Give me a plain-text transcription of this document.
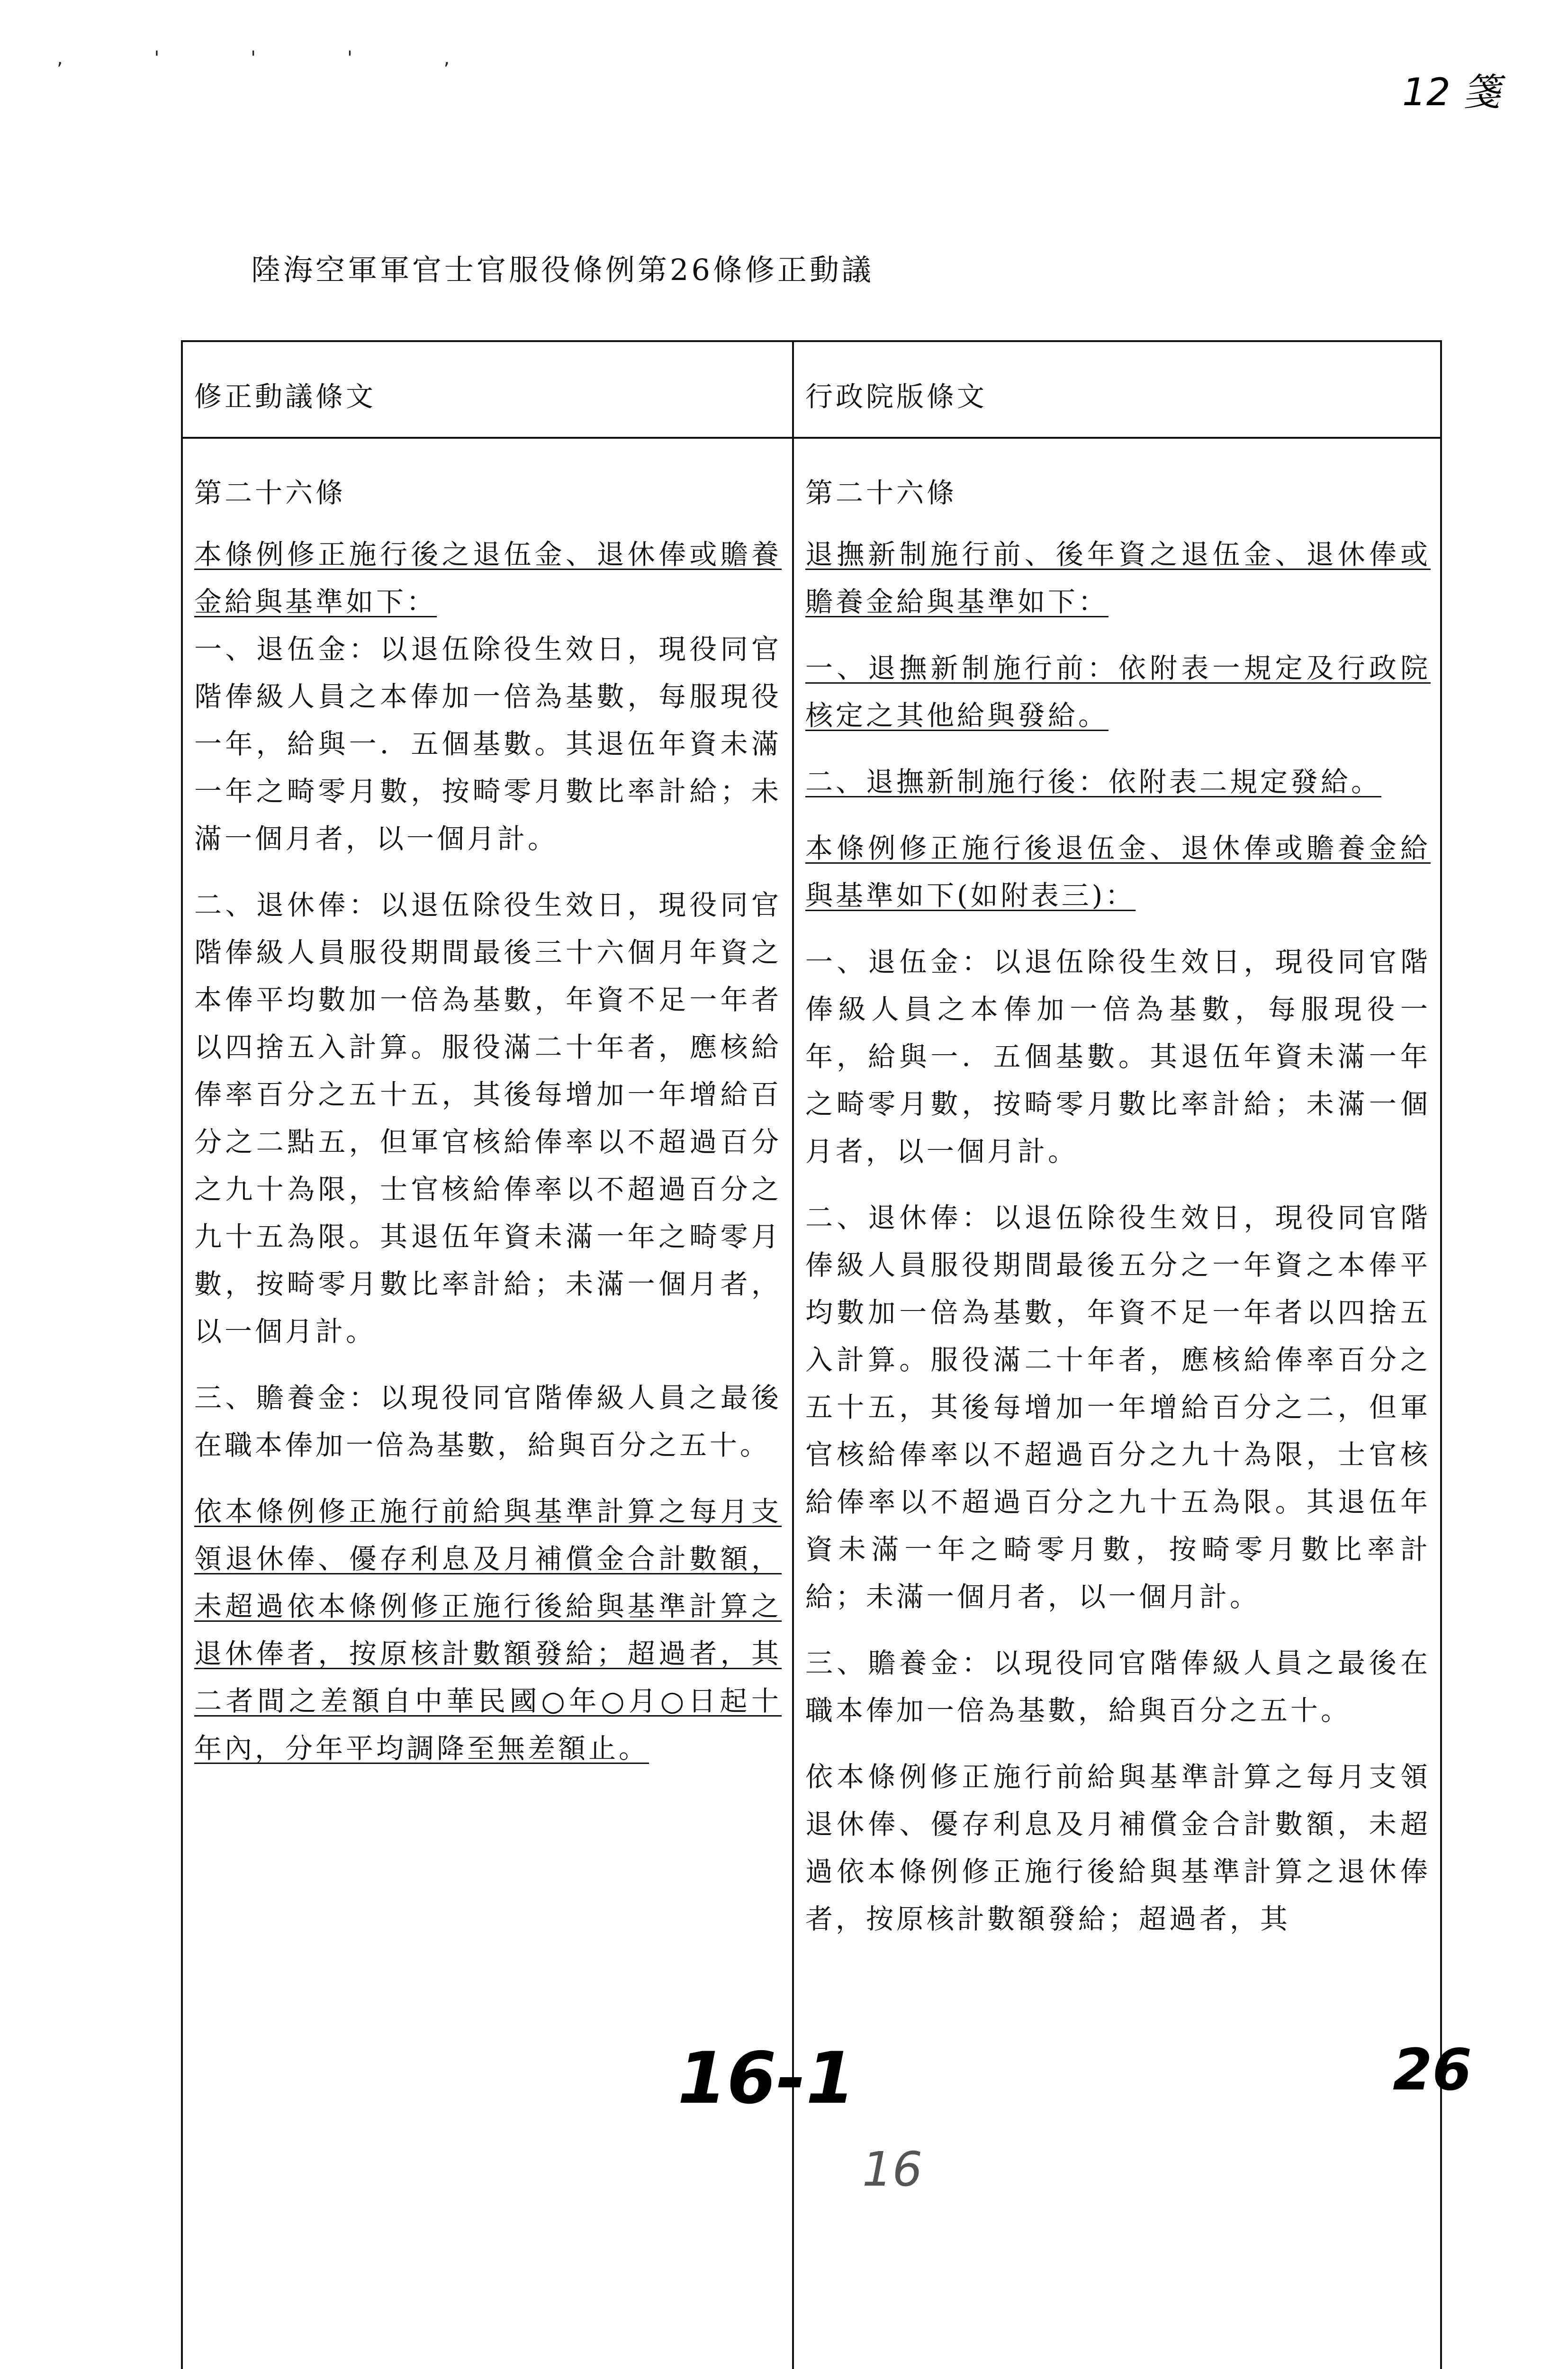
, ' ' ' ,
12 箋
陸海空軍軍官士官服役條例第26條修正動議
修正動議條文	行政院版條文

第二十六條

本條例修正施行後之退伍金、退休俸或贍養金給與基準如下：

一、退伍金：以退伍除役生效日，現役同官階俸級人員之本俸加一倍為基數，每服現役一年，給與一．五個基數。其退伍年資未滿一年之畸零月數，按畸零月數比率計給；未滿一個月者，以一個月計。

二、退休俸：以退伍除役生效日，現役同官階俸級人員服役期間最後三十六個月年資之本俸平均數加一倍為基數，年資不足一年者以四捨五入計算。服役滿二十年者，應核給俸率百分之五十五，其後每增加一年增給百分之二點五，但軍官核給俸率以不超過百分之九十為限，士官核給俸率以不超過百分之九十五為限。其退伍年資未滿一年之畸零月數，按畸零月數比率計給；未滿一個月者，以一個月計。

三、贍養金：以現役同官階俸級人員之最後在職本俸加一倍為基數，給與百分之五十。

依本條例修正施行前給與基準計算之每月支領退休俸、優存利息及月補償金合計數額，未超過依本條例修正施行後給與基準計算之退休俸者，按原核計數額發給；超過者，其二者間之差額自中華民國○年○月○日起十年內，分年平均調降至無差額止。

第二十六條

退撫新制施行前、後年資之退伍金、退休俸或贍養金給與基準如下：

一、退撫新制施行前：依附表一規定及行政院核定之其他給與發給。

二、退撫新制施行後：依附表二規定發給。

本條例修正施行後退伍金、退休俸或贍養金給與基準如下(如附表三)：

一、退伍金：以退伍除役生效日，現役同官階俸級人員之本俸加一倍為基數，每服現役一年，給與一．五個基數。其退伍年資未滿一年之畸零月數，按畸零月數比率計給；未滿一個月者，以一個月計。

二、退休俸：以退伍除役生效日，現役同官階俸級人員服役期間最後五分之一年資之本俸平均數加一倍為基數，年資不足一年者以四捨五入計算。服役滿二十年者，應核給俸率百分之五十五，其後每增加一年增給百分之二，但軍官核給俸率以不超過百分之九十為限，士官核給俸率以不超過百分之九十五為限。其退伍年資未滿一年之畸零月數，按畸零月數比率計給；未滿一個月者，以一個月計。

三、贍養金：以現役同官階俸級人員之最後在職本俸加一倍為基數，給與百分之五十。

依本條例修正施行前給與基準計算之每月支領退休俸、優存利息及月補償金合計數額，未超過依本條例修正施行後給與基準計算之退休俸者，按原核計數額發給；超過者，其

16-1
16
26
